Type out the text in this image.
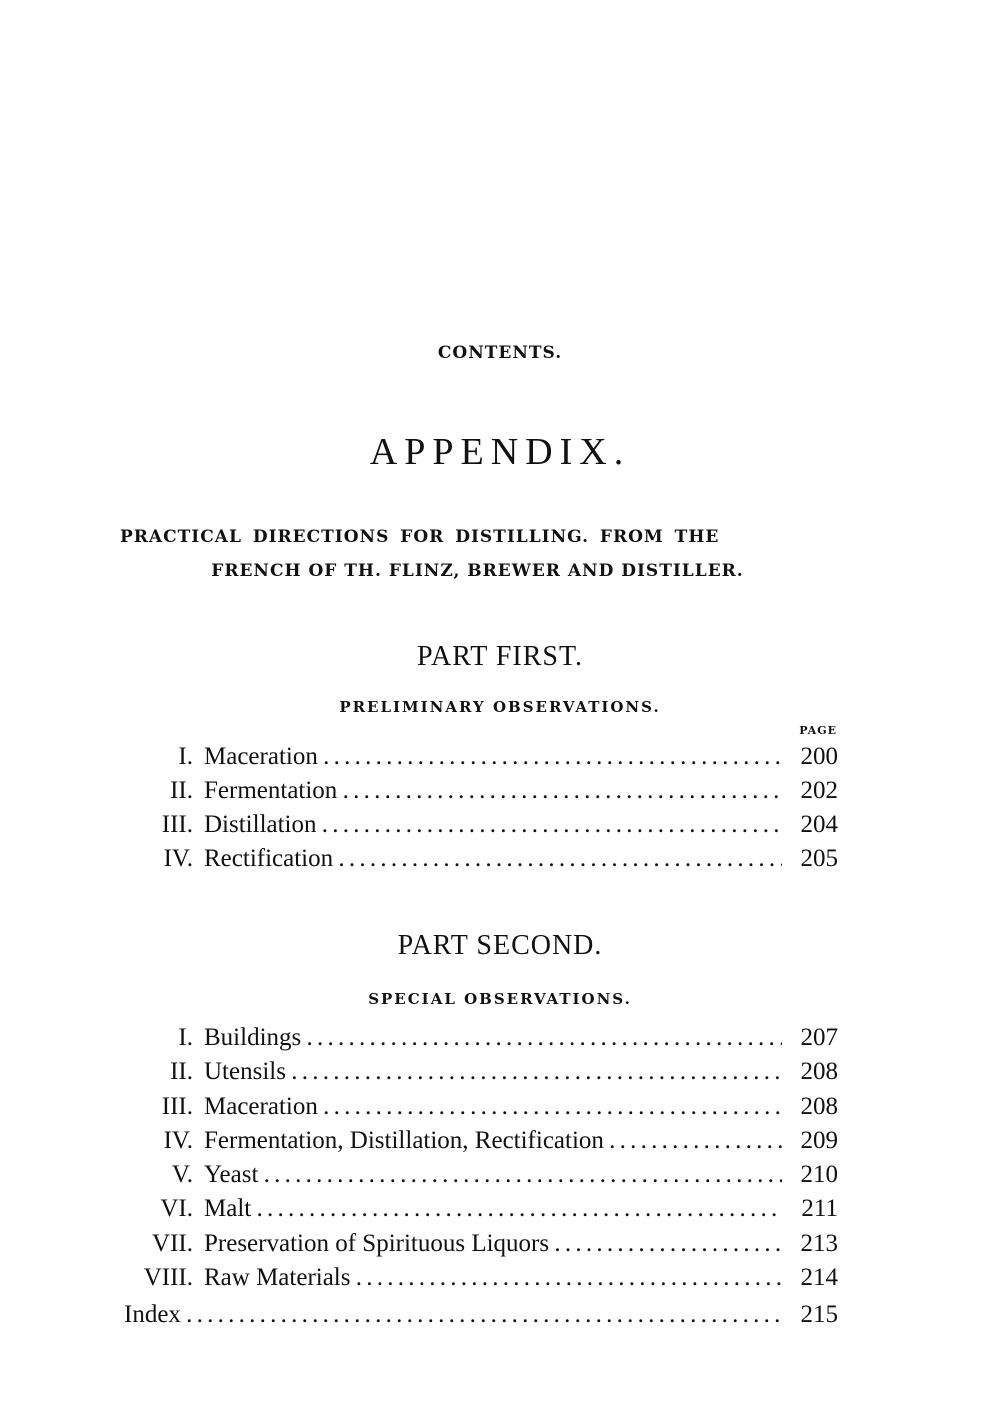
CONTENTS.
APPENDIX.
PRACTICAL DIRECTIONS FOR DISTILLING. FROM THE
FRENCH OF TH. FLINZ, BREWER AND DISTILLER.
PART FIRST.
PRELIMINARY OBSERVATIONS.
PAGE
I. Maceration . . .	200
II. Fermentation . . .	202
III. Distillation . . .	204
IV. Rectification . . .	205
PART SECOND.
SPECIAL OBSERVATIONS.
I. Buildings . . .	207
II. Utensils . . .	208
III. Maceration . . .	208
IV. Fermentation, Distillation, Rectification . . .	209
V. Yeast . . .	210
VI. Malt . . .	211
VII. Preservation of Spirituous Liquors . . .	213
VIII. Raw Materials . . .	214
Index . . .	215
